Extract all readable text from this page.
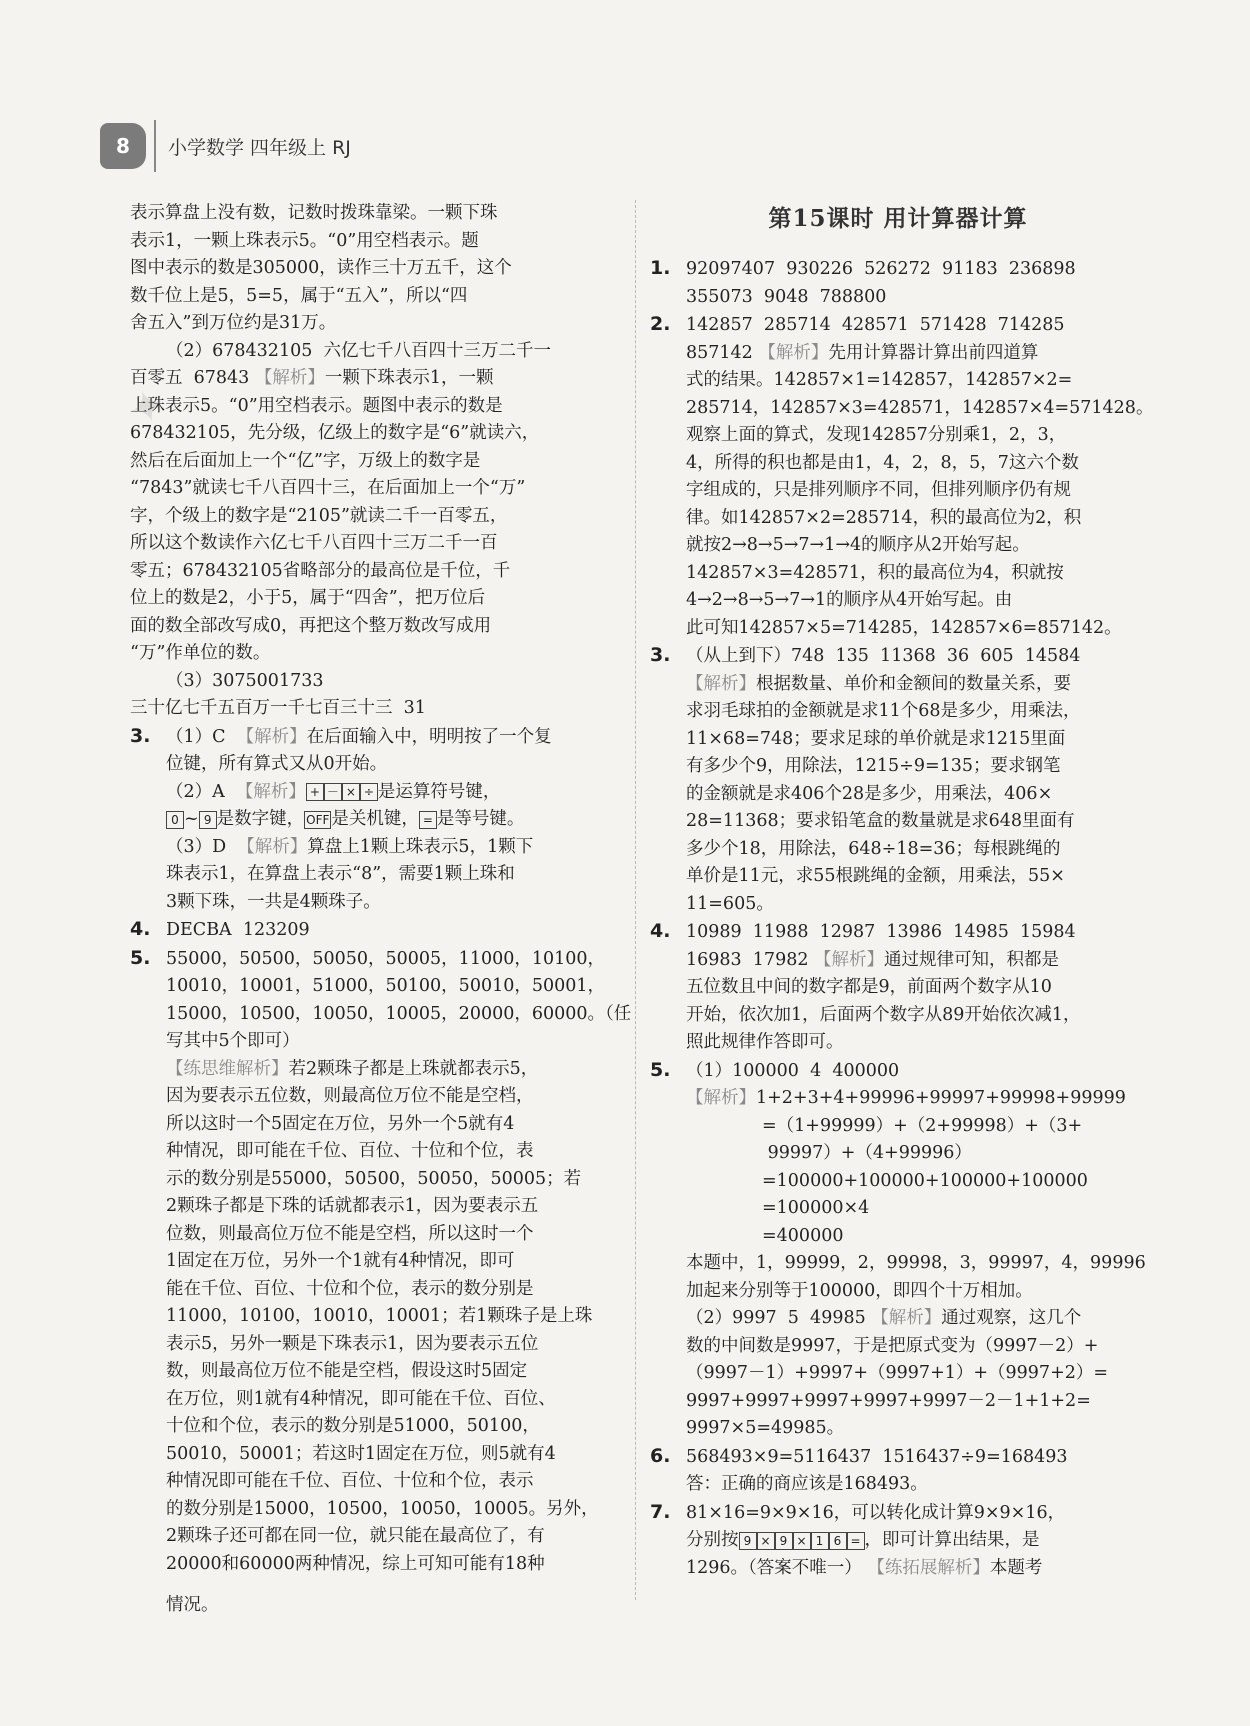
8	小学数学 四年级上 RJ
表示算盘上没有数，记数时拨珠靠梁。一颗下珠
表示1，一颗上珠表示5。“0”用空档表示。题
图中表示的数是305000，读作三十万五千，这个
数千位上是5，5=5，属于“五入”，所以“四
舍五入”到万位约是31万。
（2）678432105  六亿七千八百四十三万二千一
百零五  67843 【解析】一颗下珠表示1，一颗
上珠表示5。“0”用空档表示。题图中表示的数是
678432105，先分级，亿级上的数字是“6”就读六，
然后在后面加上一个“亿”字，万级上的数字是
“7843”就读七千八百四十三，在后面加上一个“万”
字，个级上的数字是“2105”就读二千一百零五，
所以这个数读作六亿七千八百四十三万二千一百
零五；678432105省略部分的最高位是千位，千
位上的数是2，小于5，属于“四舍”，把万位后
面的数全部改写成0，再把这个整万数改写成用
“万”作单位的数。
（3）3075001733
三十亿七千五百万一千七百三十三  31
3. （1）C  【解析】在后面输入中，明明按了一个复
位键，所有算式又从0开始。
（2）A  【解析】 + － × ÷ 是运算符号键，
0 ~ 9 是数字键， OFF 是关机键， = 是等号键。
（3）D  【解析】算盘上1颗上珠表示5，1颗下
珠表示1，在算盘上表示“8”，需要1颗上珠和
3颗下珠，一共是4颗珠子。
4. DECBA  123209
5. 55000，50500，50050，50005，11000，10100，
10010，10001，51000，50100，50010，50001，
15000，10500，10050，10005，20000，60000。（任
写其中5个即可）
【练思维解析】若2颗珠子都是上珠就都表示5，
因为要表示五位数，则最高位万位不能是空档，
所以这时一个5固定在万位，另外一个5就有4
种情况，即可能在千位、百位、十位和个位，表
示的数分别是55000，50500，50050，50005；若
2颗珠子都是下珠的话就都表示1，因为要表示五
位数，则最高位万位不能是空档，所以这时一个
1固定在万位，另外一个1就有4种情况，即可
能在千位、百位、十位和个位，表示的数分别是
11000，10100，10010，10001；若1颗珠子是上珠
表示5，另外一颗是下珠表示1，因为要表示五位
数，则最高位万位不能是空档，假设这时5固定
在万位，则1就有4种情况，即可能在千位、百位、
十位和个位，表示的数分别是51000，50100，
50010，50001；若这时1固定在万位，则5就有4
种情况即可能在千位、百位、十位和个位，表示
的数分别是15000，10500，10050，10005。另外，
2颗珠子还可都在同一位，就只能在最高位了，有
20000和60000两种情况，综上可知可能有18种
情况。
第15课时 用计算器计算
1. 92097407  930226  526272  91183  236898
355073  9048  788800
2. 142857  285714  428571  571428  714285
857142 【解析】先用计算器计算出前四道算
式的结果。142857×1=142857，142857×2=
285714，142857×3=428571，142857×4=571428。
观察上面的算式，发现142857分别乘1，2，3，
4，所得的积也都是由1，4，2，8，5，7这六个数
字组成的，只是排列顺序不同，但排列顺序仍有规
律。如142857×2=285714，积的最高位为2，积
就按2→8→5→7→1→4的顺序从2开始写起。
142857×3=428571，积的最高位为4，积就按
4→2→8→5→7→1的顺序从4开始写起。由
此可知142857×5=714285，142857×6=857142。
3. （从上到下）748  135  11368  36  605  14584
【解析】根据数量、单价和金额间的数量关系，要
求羽毛球拍的金额就是求11个68是多少，用乘法，
11×68=748；要求足球的单价就是求1215里面
有多少个9，用除法，1215÷9=135；要求钢笔
的金额就是求406个28是多少，用乘法，406×
28=11368；要求铅笔盒的数量就是求648里面有
多少个18，用除法，648÷18=36；每根跳绳的
单价是11元，求55根跳绳的金额，用乘法，55×
11=605。
4. 10989  11988  12987  13986  14985  15984
16983  17982 【解析】通过规律可知，积都是
五位数且中间的数字都是9，前面两个数字从10
开始，依次加1，后面两个数字从89开始依次减1，
照此规律作答即可。
5. （1）100000  4  400000
【解析】1+2+3+4+99996+99997+99998+99999
=（1+99999）+（2+99998）+（3+
99997）+（4+99996）
=100000+100000+100000+100000
=100000×4
=400000
本题中，1，99999，2，99998，3，99997，4，99996
加起来分别等于100000，即四个十万相加。
（2）9997  5  49985 【解析】通过观察，这几个
数的中间数是9997，于是把原式变为（9997－2）+
（9997－1）+9997+（9997+1）+（9997+2）=
9997+9997+9997+9997+9997－2－1+1+2=
9997×5=49985。
6. 568493×9=5116437  1516437÷9=168493
答：正确的商应该是168493。
7. 81×16=9×9×16，可以转化成计算9×9×16，
分别按 9 × 9 × 1 6 = ，即可计算出结果，是
1296。（答案不唯一） 【练拓展解析】本题考
✦
